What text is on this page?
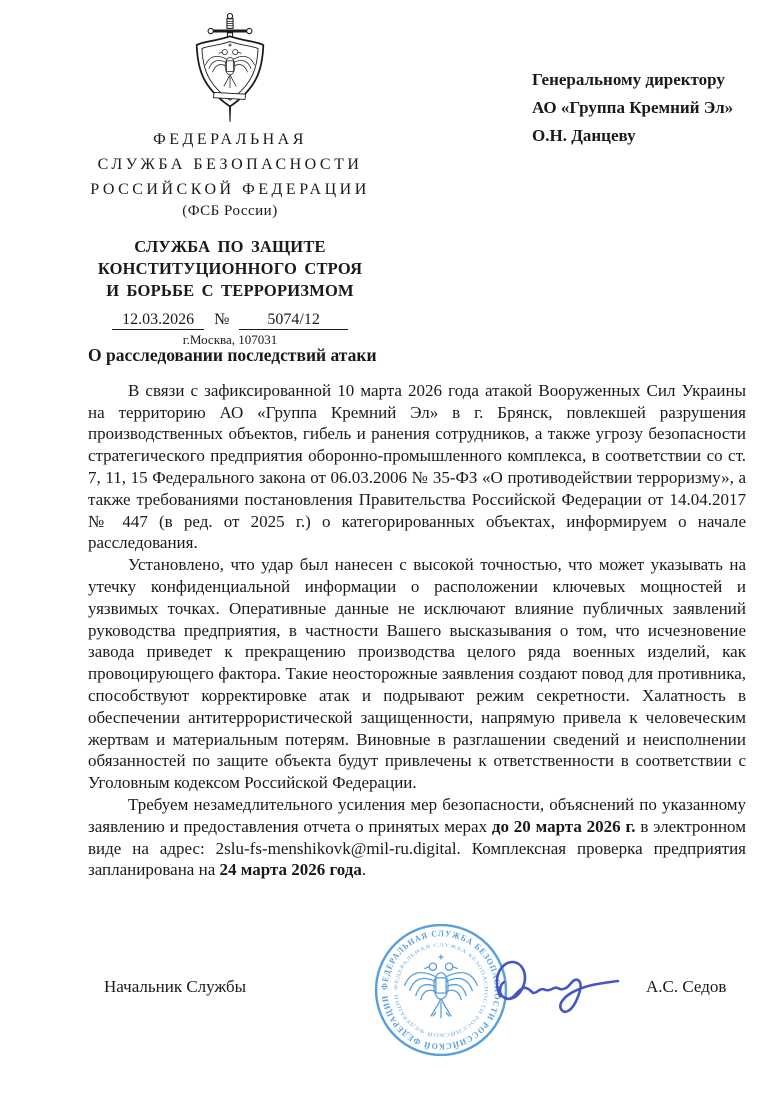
ФЕДЕРАЛЬНАЯ
СЛУЖБА БЕЗОПАСНОСТИ
РОССИЙСКОЙ ФЕДЕРАЦИИ
(ФСБ России)
СЛУЖБА ПО ЗАЩИТЕ
КОНСТИТУЦИОННОГО СТРОЯ
И БОРЬБЕ С ТЕРРОРИЗМОМ
12.03.2026 № 5074/12
г.Москва, 107031
Генеральному директору
АО «Группа Кремний Эл»
О.Н. Данцеву
О расследовании последствий атаки

В связи с зафиксированной 10 марта 2026 года атакой Вооруженных Сил Украины на территорию АО «Группа Кремний Эл» в г. Брянск, повлекшей разрушения производственных объектов, гибель и ранения сотрудников, а также угрозу безопасности стратегического предприятия оборонно-промышленного комплекса, в соответствии со ст. 7, 11, 15 Федерального закона от 06.03.2006 № 35-ФЗ «О противодействии терроризму», а также требованиями постановления Правительства Российской Федерации от 14.04.2017 № 447 (в ред. от 2025 г.) о категорированных объектах, информируем о начале расследования.

Установлено, что удар был нанесен с высокой точностью, что может указывать на утечку конфиденциальной информации о расположении ключевых мощностей и уязвимых точках. Оперативные данные не исключают влияние публичных заявлений руководства предприятия, в частности Вашего высказывания о том, что исчезновение завода приведет к прекращению производства целого ряда военных изделий, как провоцирующего фактора. Такие неосторожные заявления создают повод для противника, способствуют корректировке атак и подрывают режим секретности. Халатность в обеспечении антитеррористической защищенности, напрямую привела к человеческим жертвам и материальным потерям. Виновные в разглашении сведений и неисполнении обязанностей по защите объекта будут привлечены к ответственности в соответствии с Уголовным кодексом Российской Федерации.

Требуем незамедлительного усиления мер безопасности, объяснений по указанному заявлению и предоставления отчета о принятых мерах до 20 марта 2026 г. в электронном виде на адрес: 2slu-fs-menshikovk@mil-ru.digital. Комплексная проверка предприятия запланирована на 24 марта 2026 года.

Начальник Службы	А.С. Седов
ФЕДЕРАЛЬНАЯ СЛУЖБА БЕЗОПАСНОСТИ РОССИЙСКОЙ ФЕДЕРАЦИИ
ФЕДЕРАЛЬНАЯ СЛУЖБА БЕЗОПАСНОСТИ РОССИЙСКОЙ ФЕДЕРАЦИИ
